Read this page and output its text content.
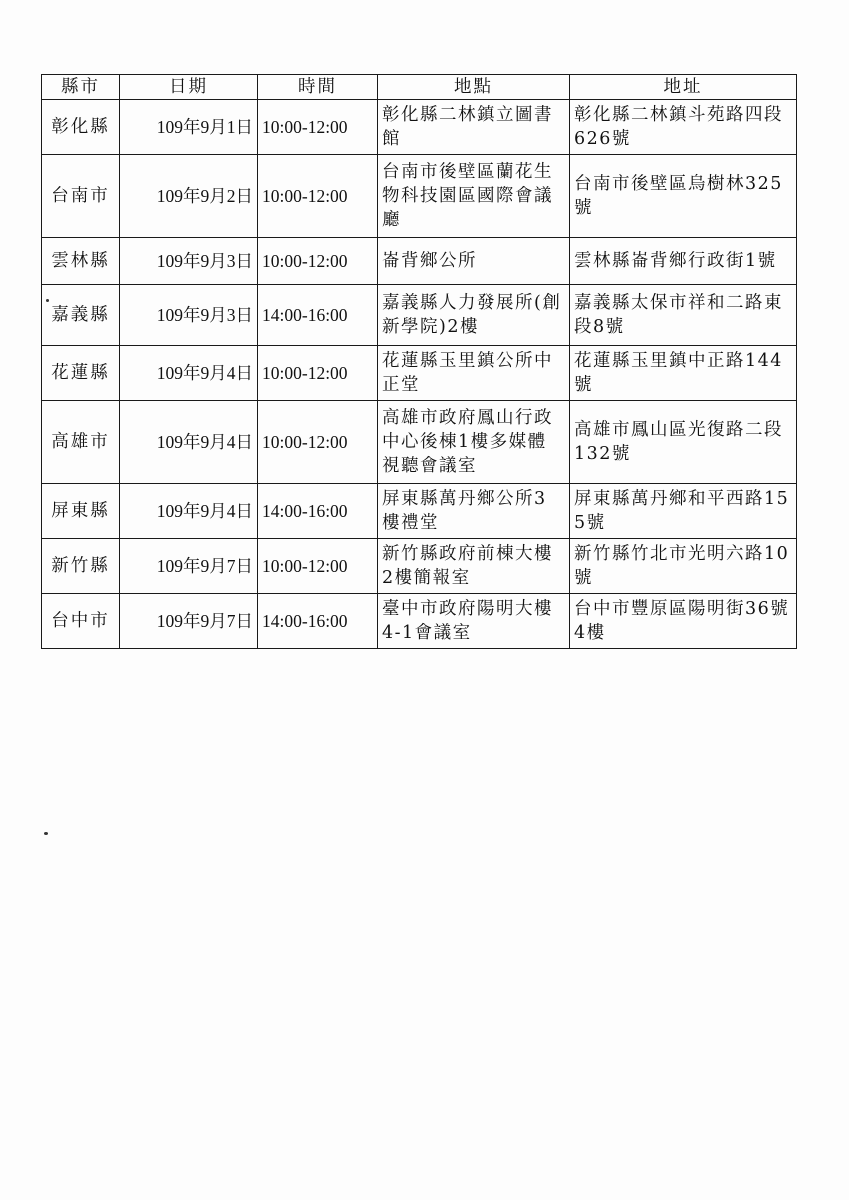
縣市	日期	時間	地點	地址
彰化縣	109年9月1日	10:00-12:00	彰化縣二林鎮立圖書館	彰化縣二林鎮斗苑路四段626號
台南市	109年9月2日	10:00-12:00	台南市後壁區蘭花生物科技園區國際會議廳	台南市後壁區烏樹林325號
雲林縣	109年9月3日	10:00-12:00	崙背鄉公所	雲林縣崙背鄉行政街1號
嘉義縣	109年9月3日	14:00-16:00	嘉義縣人力發展所(創新學院)2樓	嘉義縣太保市祥和二路東段8號
花蓮縣	109年9月4日	10:00-12:00	花蓮縣玉里鎮公所中正堂	花蓮縣玉里鎮中正路144號
高雄市	109年9月4日	10:00-12:00	高雄市政府鳳山行政中心後棟1樓多媒體視聽會議室	高雄市鳳山區光復路二段132號
屏東縣	109年9月4日	14:00-16:00	屏東縣萬丹鄉公所3樓禮堂	屏東縣萬丹鄉和平西路155號
新竹縣	109年9月7日	10:00-12:00	新竹縣政府前棟大樓2樓簡報室	新竹縣竹北市光明六路10號
台中市	109年9月7日	14:00-16:00	臺中市政府陽明大樓4-1會議室	台中市豐原區陽明街36號4樓
